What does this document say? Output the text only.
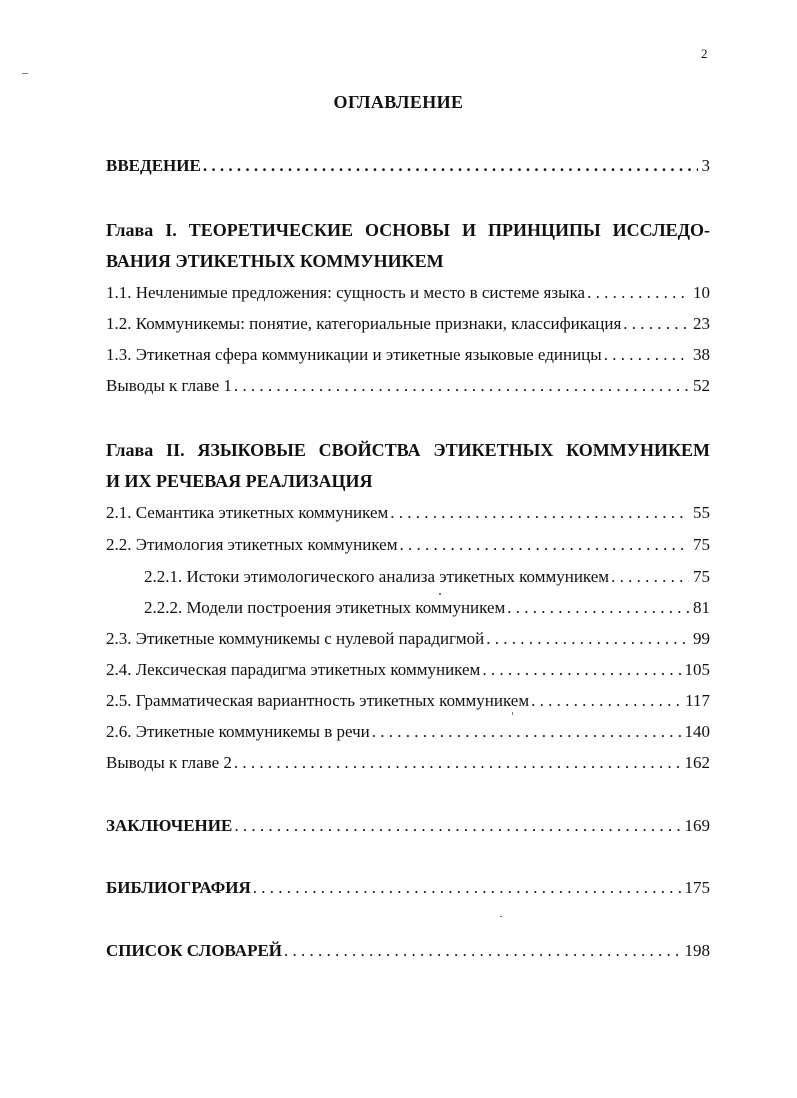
2
ОГЛАВЛЕНИЕ
ВВЕДЕНИЕ . . .	3
Глава I. ТЕОРЕТИЧЕСКИЕ ОСНОВЫ И ПРИНЦИПЫ ИССЛЕДО-
ВАНИЯ ЭТИКЕТНЫХ КОММУНИКЕМ
1.1. Нечленимые предложения: сущность и место в системе языка . . .	10
1.2. Коммуникемы: понятие, категориальные признаки, классификация . . .	23
1.3. Этикетная сфера коммуникации и этикетные языковые единицы . . .	38
Выводы к главе 1 . . .	52
Глава II. ЯЗЫКОВЫЕ СВОЙСТВА ЭТИКЕТНЫХ КОММУНИКЕМ
И ИХ РЕЧЕВАЯ РЕАЛИЗАЦИЯ
2.1. Семантика этикетных коммуникем . . .	55
2.2. Этимология этикетных коммуникем . . .	75
2.2.1. Истоки этимологического анализа этикетных коммуникем . . .	75
2.2.2. Модели построения этикетных коммуникем . . .	81
2.3. Этикетные коммуникемы с нулевой парадигмой . . .	99
2.4. Лексическая парадигма этикетных коммуникем . . .	105
2.5. Грамматическая вариантность этикетных коммуникем . . .	117
2.6. Этикетные коммуникемы в речи . . .	140
Выводы к главе 2 . . .	162
ЗАКЛЮЧЕНИЕ . . .	169
БИБЛИОГРАФИЯ . . .	175
СПИСОК СЛОВАРЕЙ . . .	198
